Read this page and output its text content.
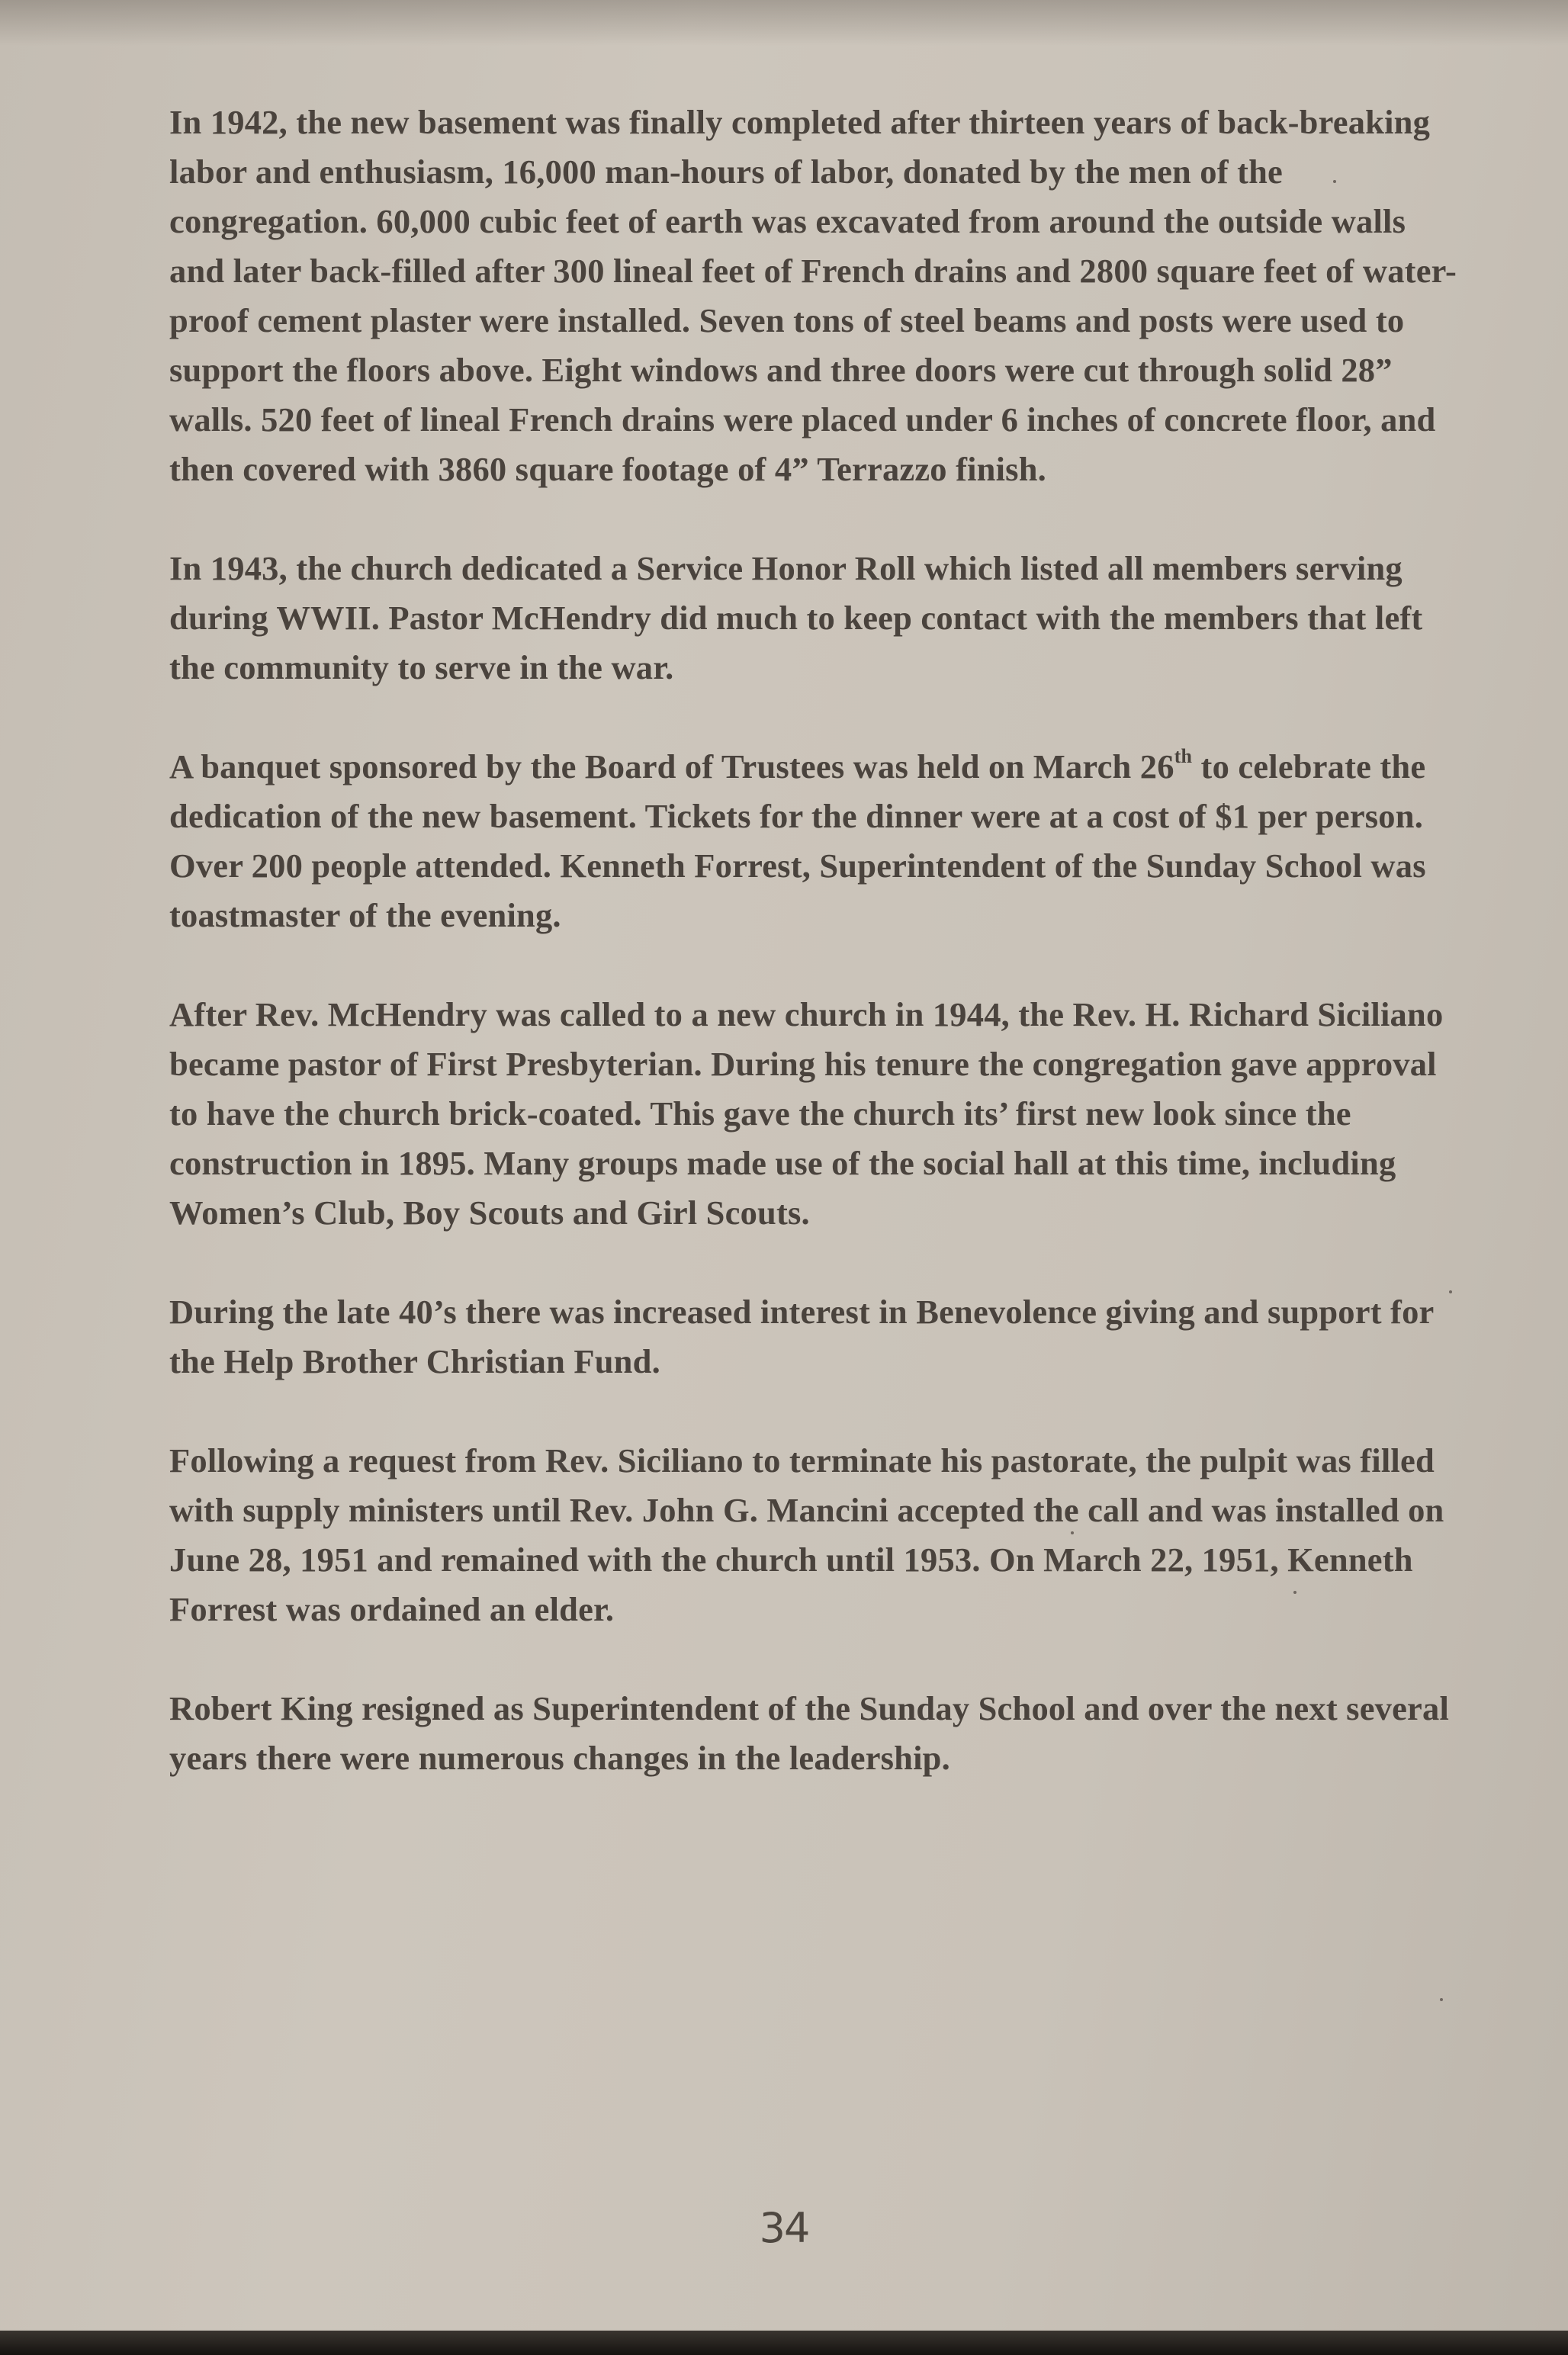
In 1942, the new basement was finally completed after thirteen years of back-breaking labor and enthusiasm, 16,000 man-hours of labor, donated by the men of the congregation. 60,000 cubic feet of earth was excavated from around the outside walls and later back-filled after 300 lineal feet of French drains and 2800 square feet of water-proof cement plaster were installed. Seven tons of steel beams and posts were used to support the floors above. Eight windows and three doors were cut through solid 28” walls. 520 feet of lineal French drains were placed under 6 inches of concrete floor, and then covered with 3860 square footage of 4” Terrazzo finish.

In 1943, the church dedicated a Service Honor Roll which listed all members serving during WWII. Pastor McHendry did much to keep contact with the members that left the community to serve in the war.

A banquet sponsored by the Board of Trustees was held on March 26th to celebrate the dedication of the new basement. Tickets for the dinner were at a cost of $1 per person. Over 200 people attended. Kenneth Forrest, Superintendent of the Sunday School was toastmaster of the evening.

After Rev. McHendry was called to a new church in 1944, the Rev. H. Richard Siciliano became pastor of First Presbyterian. During his tenure the congregation gave approval to have the church brick-coated. This gave the church its’ first new look since the construction in 1895. Many groups made use of the social hall at this time, including Women’s Club, Boy Scouts and Girl Scouts.

During the late 40’s there was increased interest in Benevolence giving and support for the Help Brother Christian Fund.

Following a request from Rev. Siciliano to terminate his pastorate, the pulpit was filled with supply ministers until Rev. John G. Mancini accepted the call and was installed on June 28, 1951 and remained with the church until 1953. On March 22, 1951, Kenneth Forrest was ordained an elder.

Robert King resigned as Superintendent of the Sunday School and over the next several years there were numerous changes in the leadership.

34
